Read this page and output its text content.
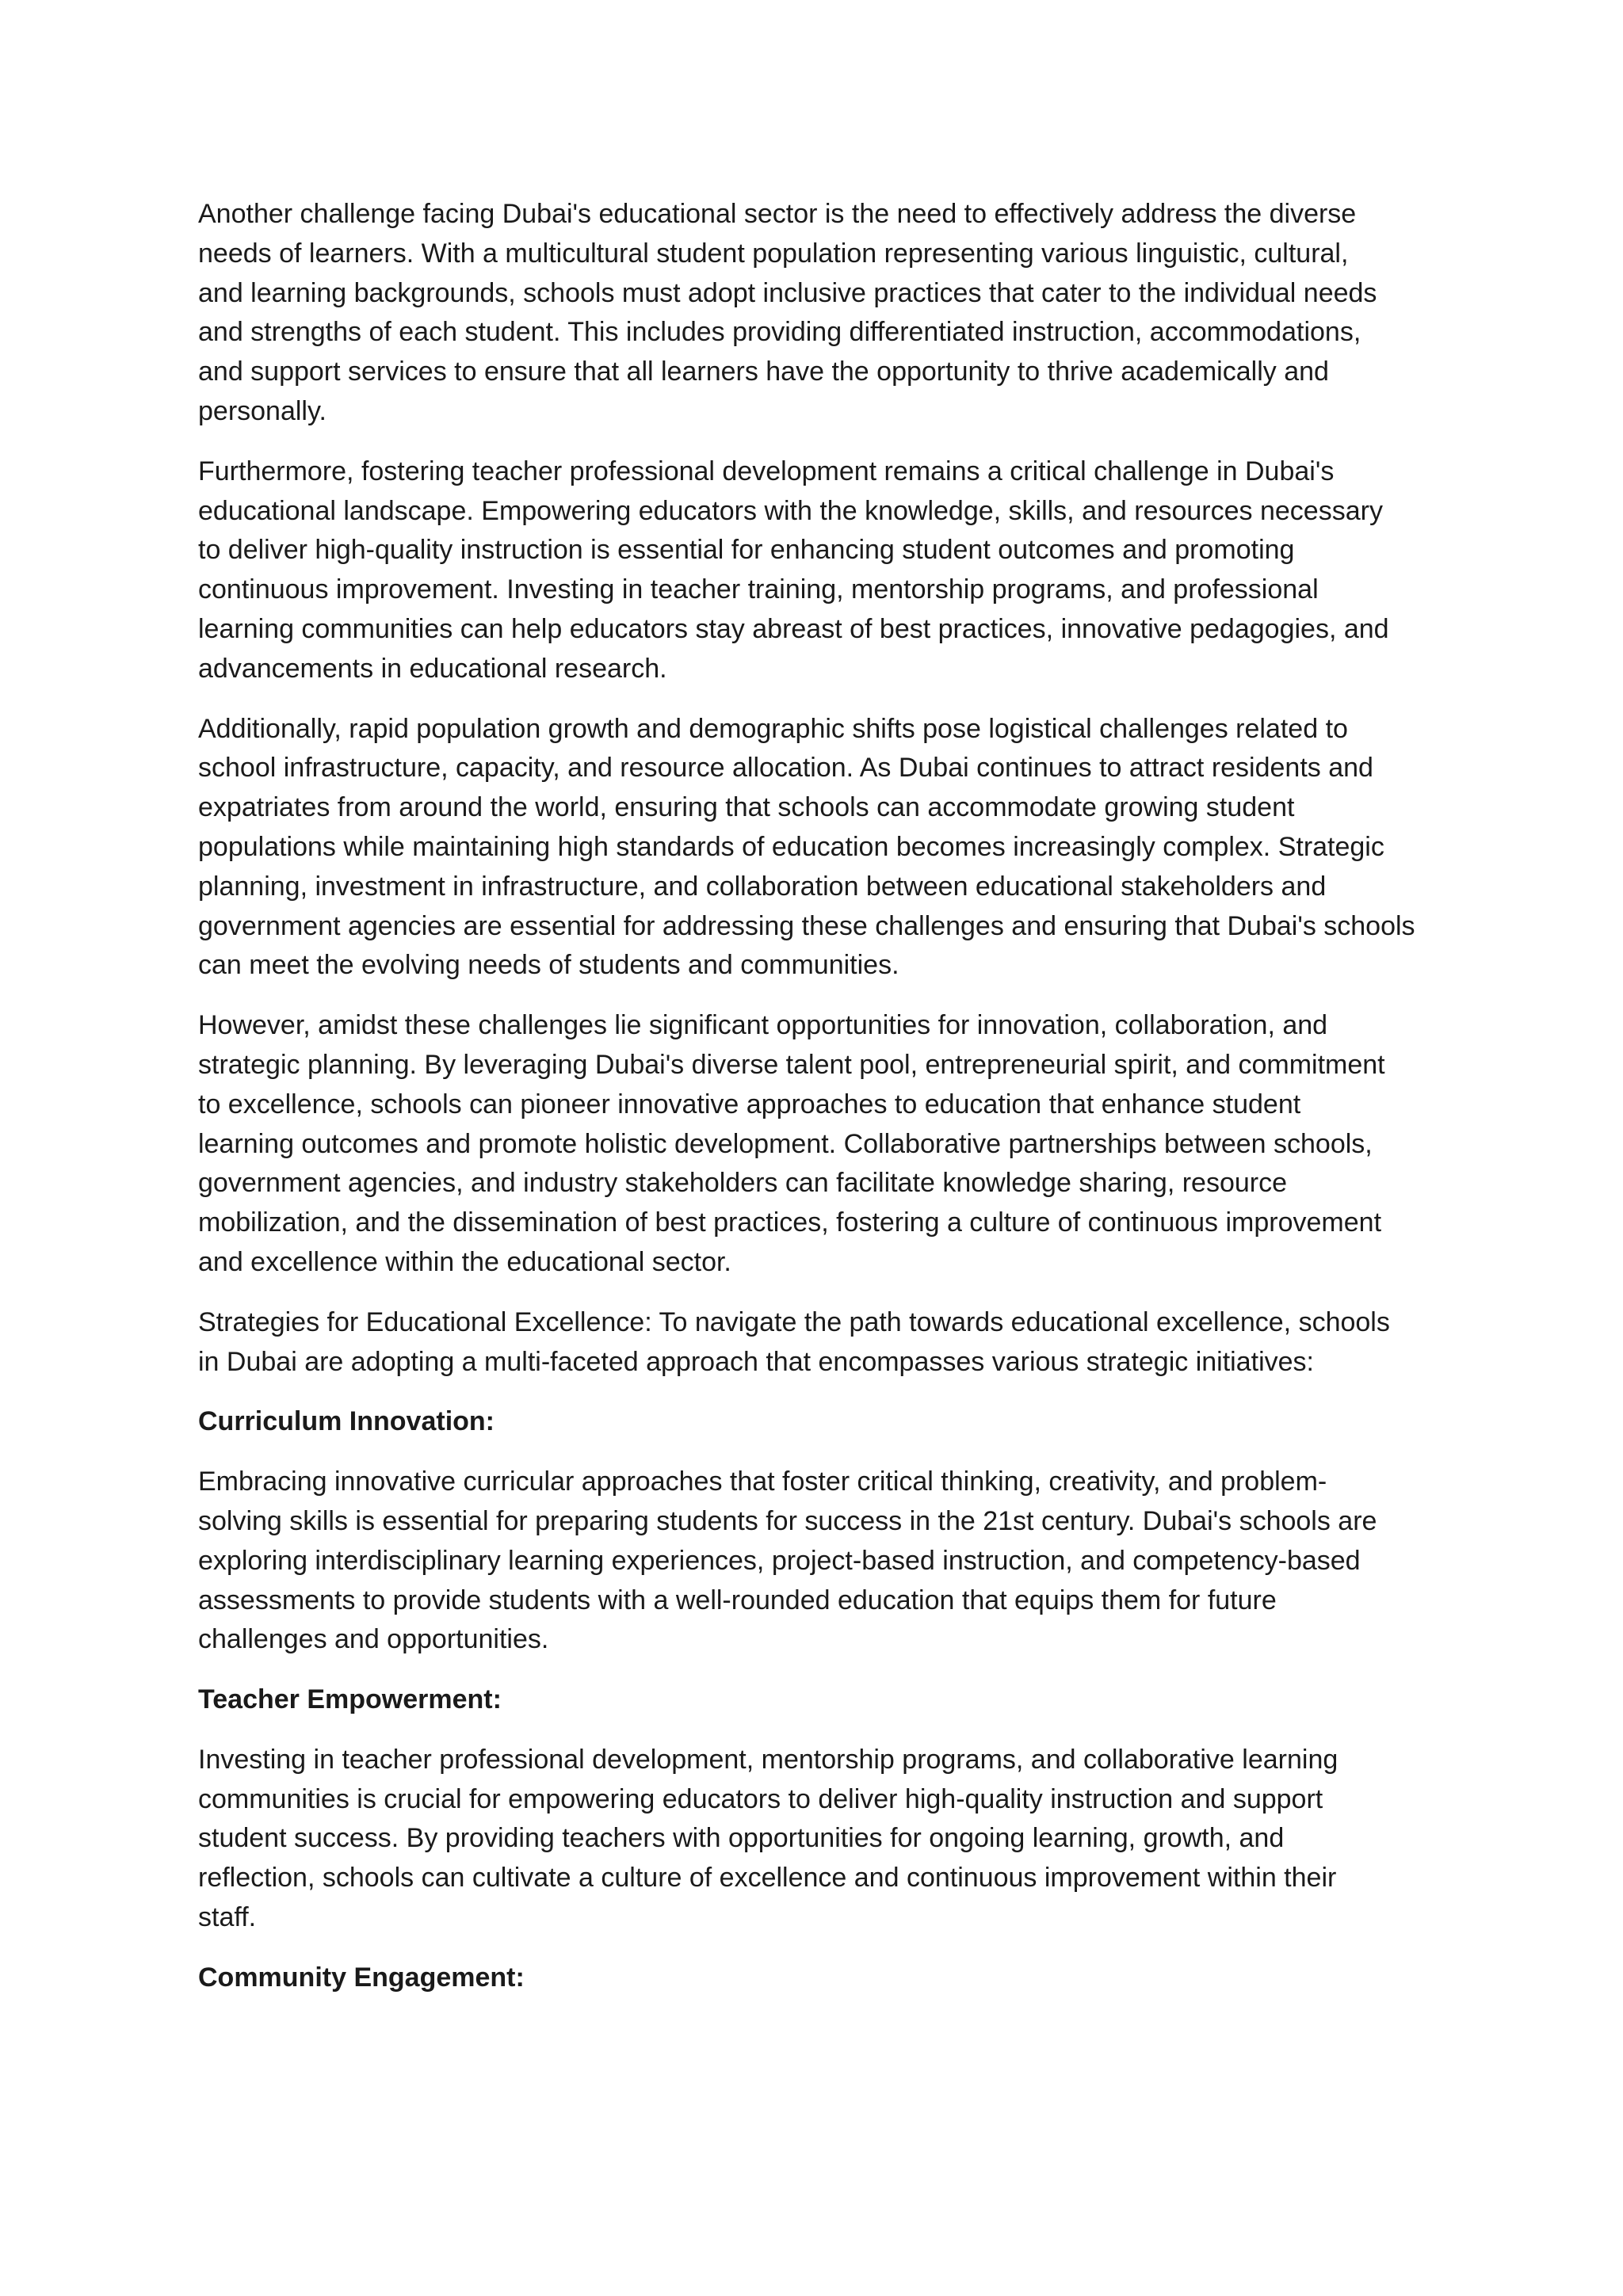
Another challenge facing Dubai's educational sector is the need to effectively address the diverse
needs of learners. With a multicultural student population representing various linguistic, cultural,
and learning backgrounds, schools must adopt inclusive practices that cater to the individual needs
and strengths of each student. This includes providing differentiated instruction, accommodations,
and support services to ensure that all learners have the opportunity to thrive academically and
personally.

Furthermore, fostering teacher professional development remains a critical challenge in Dubai's
educational landscape. Empowering educators with the knowledge, skills, and resources necessary
to deliver high-quality instruction is essential for enhancing student outcomes and promoting
continuous improvement. Investing in teacher training, mentorship programs, and professional
learning communities can help educators stay abreast of best practices, innovative pedagogies, and
advancements in educational research.

Additionally, rapid population growth and demographic shifts pose logistical challenges related to
school infrastructure, capacity, and resource allocation. As Dubai continues to attract residents and
expatriates from around the world, ensuring that schools can accommodate growing student
populations while maintaining high standards of education becomes increasingly complex. Strategic
planning, investment in infrastructure, and collaboration between educational stakeholders and
government agencies are essential for addressing these challenges and ensuring that Dubai's schools
can meet the evolving needs of students and communities.

However, amidst these challenges lie significant opportunities for innovation, collaboration, and
strategic planning. By leveraging Dubai's diverse talent pool, entrepreneurial spirit, and commitment
to excellence, schools can pioneer innovative approaches to education that enhance student
learning outcomes and promote holistic development. Collaborative partnerships between schools,
government agencies, and industry stakeholders can facilitate knowledge sharing, resource
mobilization, and the dissemination of best practices, fostering a culture of continuous improvement
and excellence within the educational sector.

Strategies for Educational Excellence: To navigate the path towards educational excellence, schools
in Dubai are adopting a multi-faceted approach that encompasses various strategic initiatives:

Curriculum Innovation:

Embracing innovative curricular approaches that foster critical thinking, creativity, and problem-
solving skills is essential for preparing students for success in the 21st century. Dubai's schools are
exploring interdisciplinary learning experiences, project-based instruction, and competency-based
assessments to provide students with a well-rounded education that equips them for future
challenges and opportunities.

Teacher Empowerment:

Investing in teacher professional development, mentorship programs, and collaborative learning
communities is crucial for empowering educators to deliver high-quality instruction and support
student success. By providing teachers with opportunities for ongoing learning, growth, and
reflection, schools can cultivate a culture of excellence and continuous improvement within their
staff.

Community Engagement:
